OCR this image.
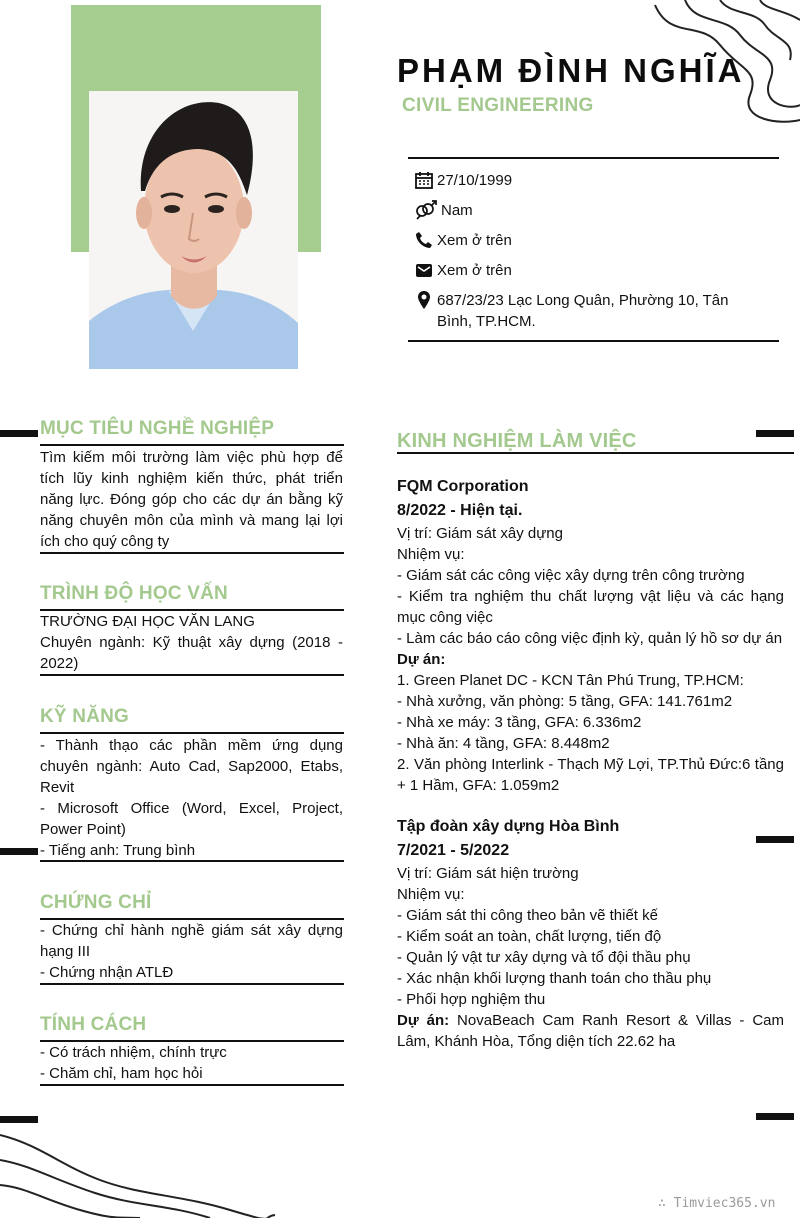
PHẠM ĐÌNH NGHĨA
CIVIL ENGINEERING
27/10/1999
Nam
Xem ở trên
Xem ở trên
687/23/23 Lạc Long Quân, Phường 10, Tân Bình, TP.HCM.
MỤC TIÊU NGHỀ NGHIỆP
Tìm kiếm môi trường làm việc phù hợp để tích lũy kinh nghiệm kiến thức, phát triển năng lực. Đóng góp cho các dự án bằng kỹ năng chuyên môn của mình và mang lại lợi ích cho quý công ty
TRÌNH ĐỘ HỌC VẤN
TRƯỜNG ĐẠI HỌC VĂN LANG
Chuyên ngành: Kỹ thuật xây dựng (2018 - 2022)
KỸ NĂNG
- Thành thạo các phần mềm ứng dụng chuyên ngành: Auto Cad, Sap2000, Etabs, Revit
- Microsoft Office (Word, Excel, Project, Power Point)
- Tiếng anh: Trung bình
CHỨNG CHỈ
- Chứng chỉ hành nghề giám sát xây dựng hạng III
- Chứng nhận ATLĐ
TÍNH CÁCH
- Có trách nhiệm, chính trực
- Chăm chỉ, ham học hỏi
KINH NGHIỆM LÀM VIỆC
FQM Corporation
8/2022 - Hiện tại.
Vị trí: Giám sát xây dựng
Nhiệm vụ:
- Giám sát các công việc xây dựng trên công trường
- Kiểm tra nghiệm thu chất lượng vật liệu và các hạng mục công việc
- Làm các báo cáo công việc định kỳ, quản lý hồ sơ dự án
Dự án:
1. Green Planet DC - KCN Tân Phú Trung, TP.HCM:
- Nhà xưởng, văn phòng: 5 tầng, GFA: 141.761m2
- Nhà xe máy: 3 tầng, GFA: 6.336m2
- Nhà ăn: 4 tầng, GFA: 8.448m2
2. Văn phòng Interlink - Thạch Mỹ Lợi, TP.Thủ Đức:6 tầng + 1 Hầm, GFA: 1.059m2
Tập đoàn xây dựng Hòa Bình
7/2021 - 5/2022
Vị trí: Giám sát hiện trường
Nhiệm vụ:
- Giám sát thi công theo bản vẽ thiết kế
- Kiểm soát an toàn, chất lượng, tiến độ
- Quản lý vật tư xây dựng và tổ đội thầu phụ
- Xác nhận khối lượng thanh toán cho thầu phụ
- Phối hợp nghiệm thu
Dự án: NovaBeach Cam Ranh Resort & Villas - Cam Lâm, Khánh Hòa, Tổng diện tích 22.62 ha
∴ Timviec365.vn
